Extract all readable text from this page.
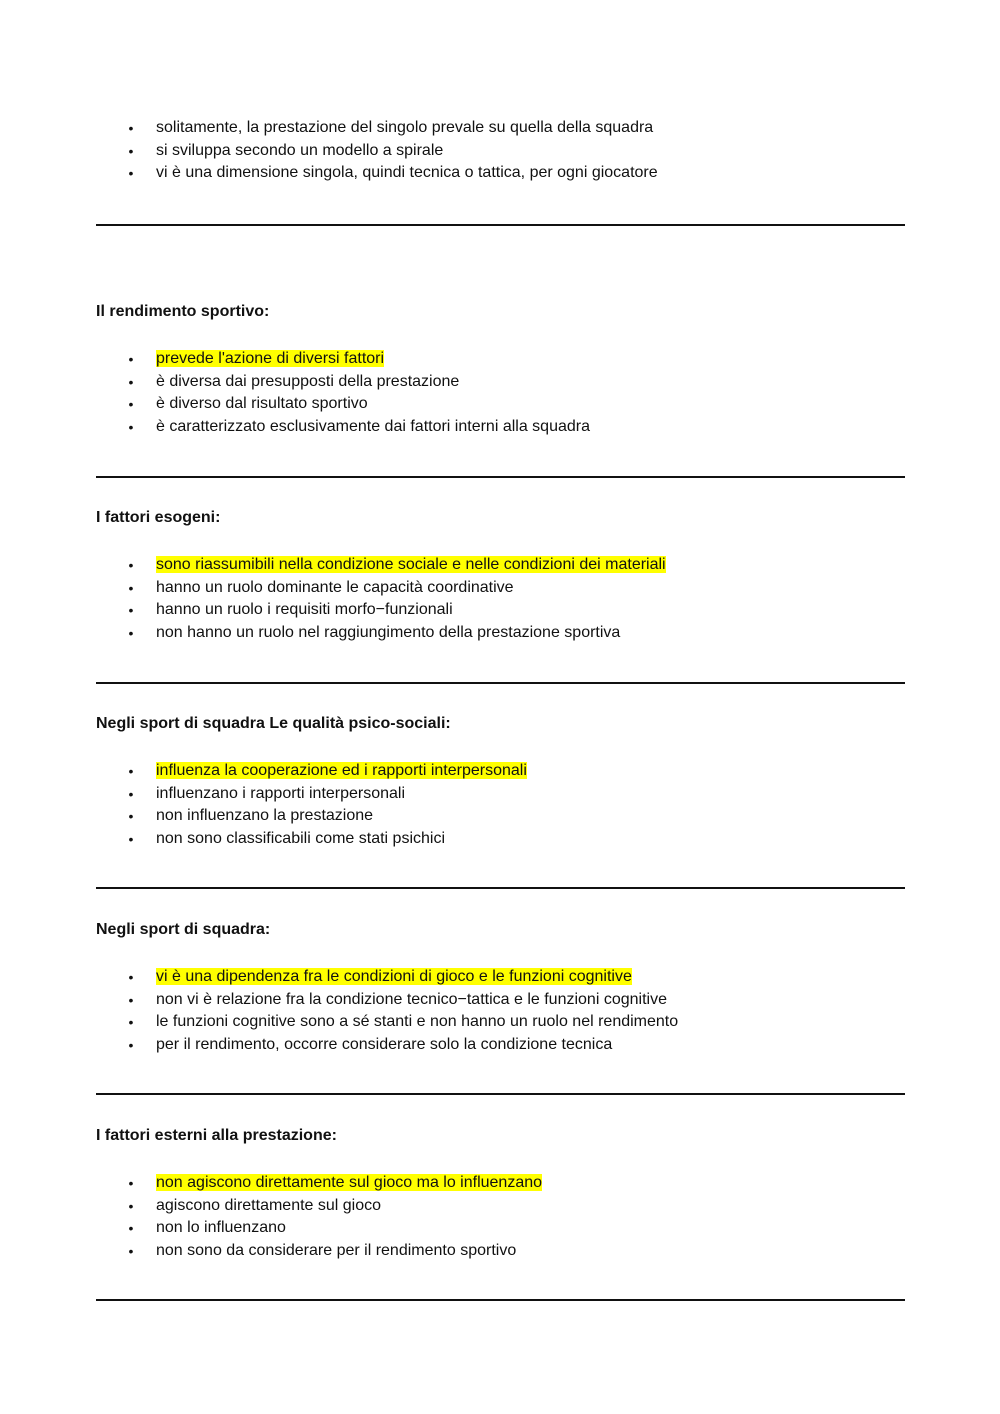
• solitamente, la prestazione del singolo prevale su quella della squadra
• si sviluppa secondo un modello a spirale
• vi è una dimensione singola, quindi tecnica o tattica, per ogni giocatore
Il rendimento sportivo:
• prevede l'azione di diversi fattori
• è diversa dai presupposti della prestazione
• è diverso dal risultato sportivo
• è caratterizzato esclusivamente dai fattori interni alla squadra
I fattori esogeni:
• sono riassumibili nella condizione sociale e nelle condizioni dei materiali
• hanno un ruolo dominante le capacità coordinative
• hanno un ruolo i requisiti morfo−funzionali
• non hanno un ruolo nel raggiungimento della prestazione sportiva
Negli sport di squadra Le qualità psico-sociali:
• influenza la cooperazione ed i rapporti interpersonali
• influenzano i rapporti interpersonali
• non influenzano la prestazione
• non sono classificabili come stati psichici
Negli sport di squadra:
• vi è una dipendenza fra le condizioni di gioco e le funzioni cognitive
• non vi è relazione fra la condizione tecnico−tattica e le funzioni cognitive
• le funzioni cognitive sono a sé stanti e non hanno un ruolo nel rendimento
• per il rendimento, occorre considerare solo la condizione tecnica
I fattori esterni alla prestazione:
• non agiscono direttamente sul gioco ma lo influenzano
• agiscono direttamente sul gioco
• non lo influenzano
• non sono da considerare per il rendimento sportivo
